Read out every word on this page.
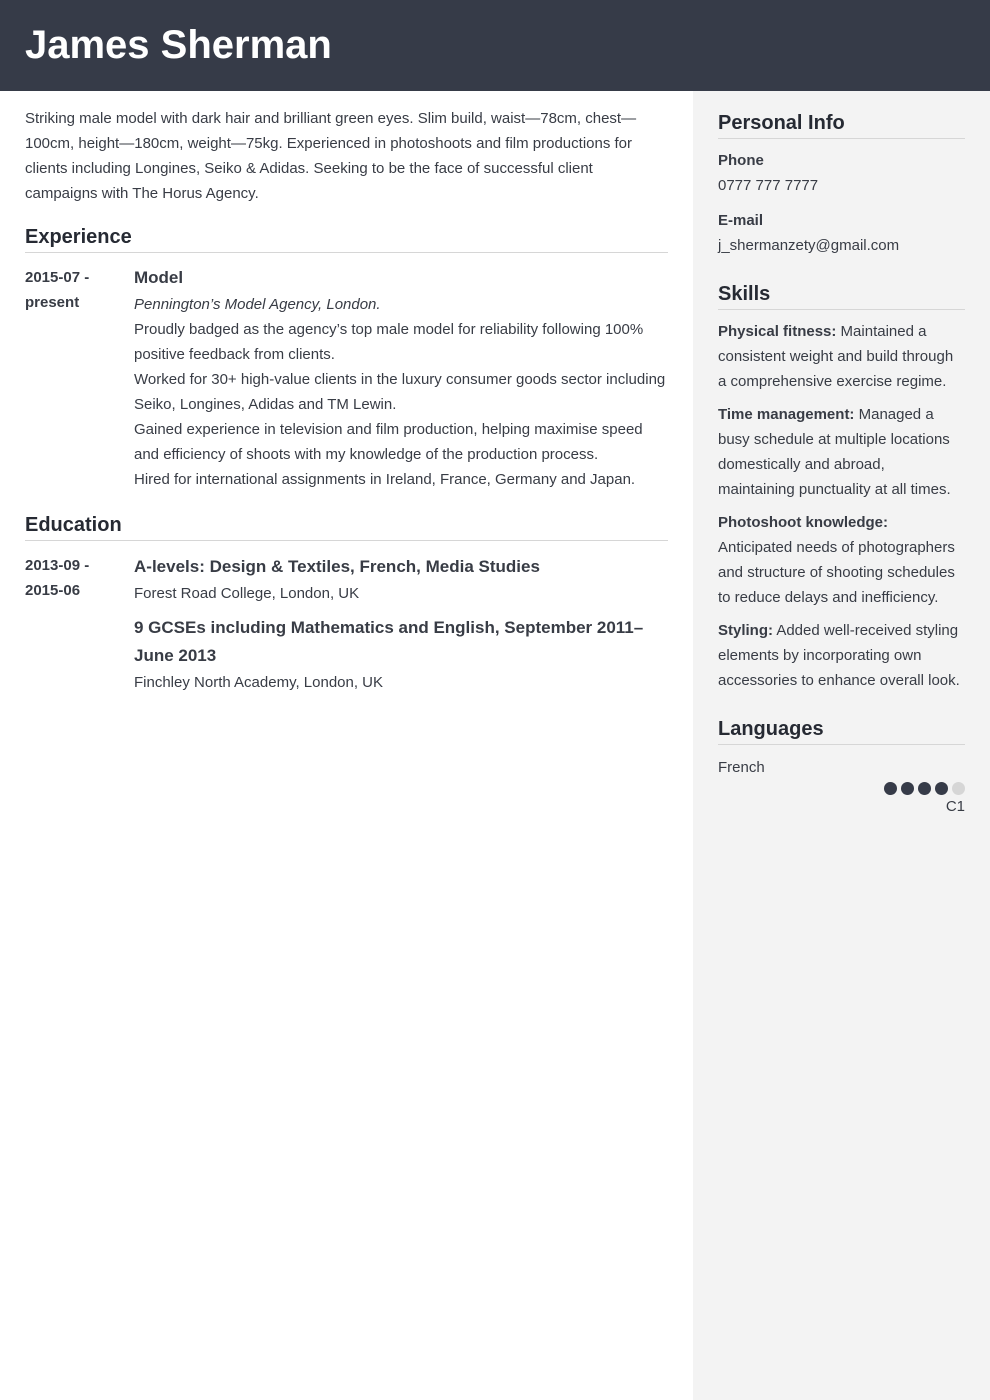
James Sherman

Striking male model with dark hair and brilliant green eyes. Slim build, waist—78cm, chest—100cm, height—180cm, weight—75kg. Experienced in photoshoots and film productions for clients including Longines, Seiko & Adidas. Seeking to be the face of successful client campaigns with The Horus Agency.

Experience
2015-07 -
present
Model
Pennington’s Model Agency, London.
Proudly badged as the agency’s top male model for reliability following 100% positive feedback from clients.
Worked for 30+ high-value clients in the luxury consumer goods sector including Seiko, Longines, Adidas and TM Lewin.
Gained experience in television and film production, helping maximise speed and efficiency of shoots with my knowledge of the production process.
Hired for international assignments in Ireland, France, Germany and Japan.
Education
2013-09 -
2015-06
A-levels: Design & Textiles, French, Media Studies
Forest Road College, London, UK
9 GCSEs including Mathematics and English, September 2011–June 2013
Finchley North Academy, London, UK
Personal Info
Phone
0777 777 7777
E-mail
j_shermanzety@gmail.com
Skills
Physical fitness: Maintained a consistent weight and build through a comprehensive exercise regime.
Time management: Managed a busy schedule at multiple locations domestically and abroad, maintaining punctuality at all times.
Photoshoot knowledge: Anticipated needs of photographers and structure of shooting schedules to reduce delays and inefficiency.
Styling: Added well-received styling elements by incorporating own accessories to enhance overall look.
Languages
French
C1
